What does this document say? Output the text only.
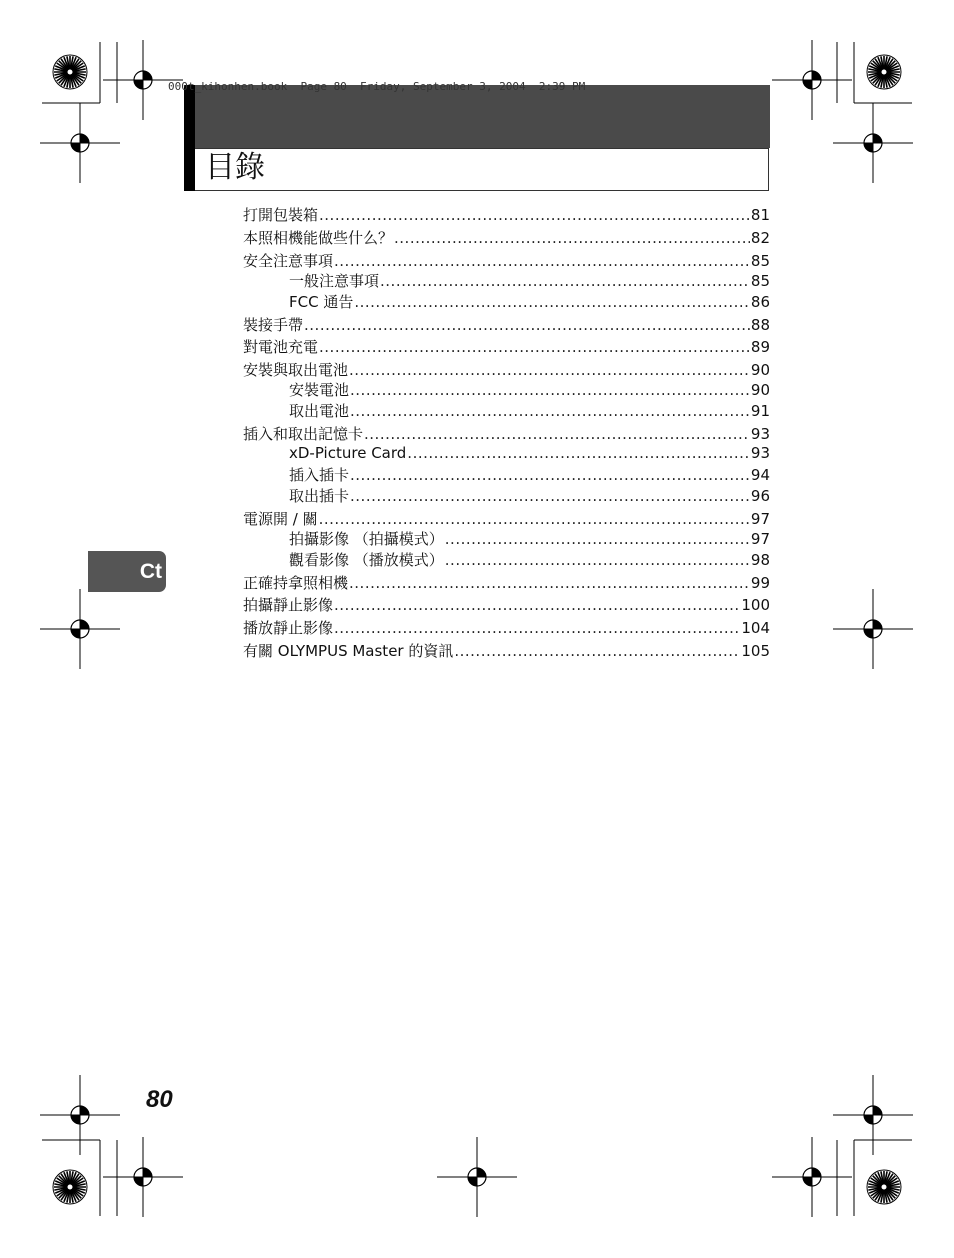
000t_kihonhen.book  Page 80  Friday, September 3, 2004  2:39 PM
目錄
打開包裝箱 .....	81
本照相機能做些什么？ .....	82
安全注意事項 .....	85
一般注意事項 .....	85
FCC 通告 .....	86
裝接手帶 .....	88
對電池充電 .....	89
安裝與取出電池 .....	90
安裝電池 .....	90
取出電池 .....	91
插入和取出記憶卡 .....	93
xD-Picture Card .....	93
插入插卡 .....	94
取出插卡 .....	96
電源開 / 關 .....	97
拍攝影像 （拍攝模式） .....	97
觀看影像 （播放模式） .....	98
正確持拿照相機 .....	99
拍攝靜止影像 .....	100
播放靜止影像 .....	104
有關 OLYMPUS Master 的資訊 .....	105
Ct
80
